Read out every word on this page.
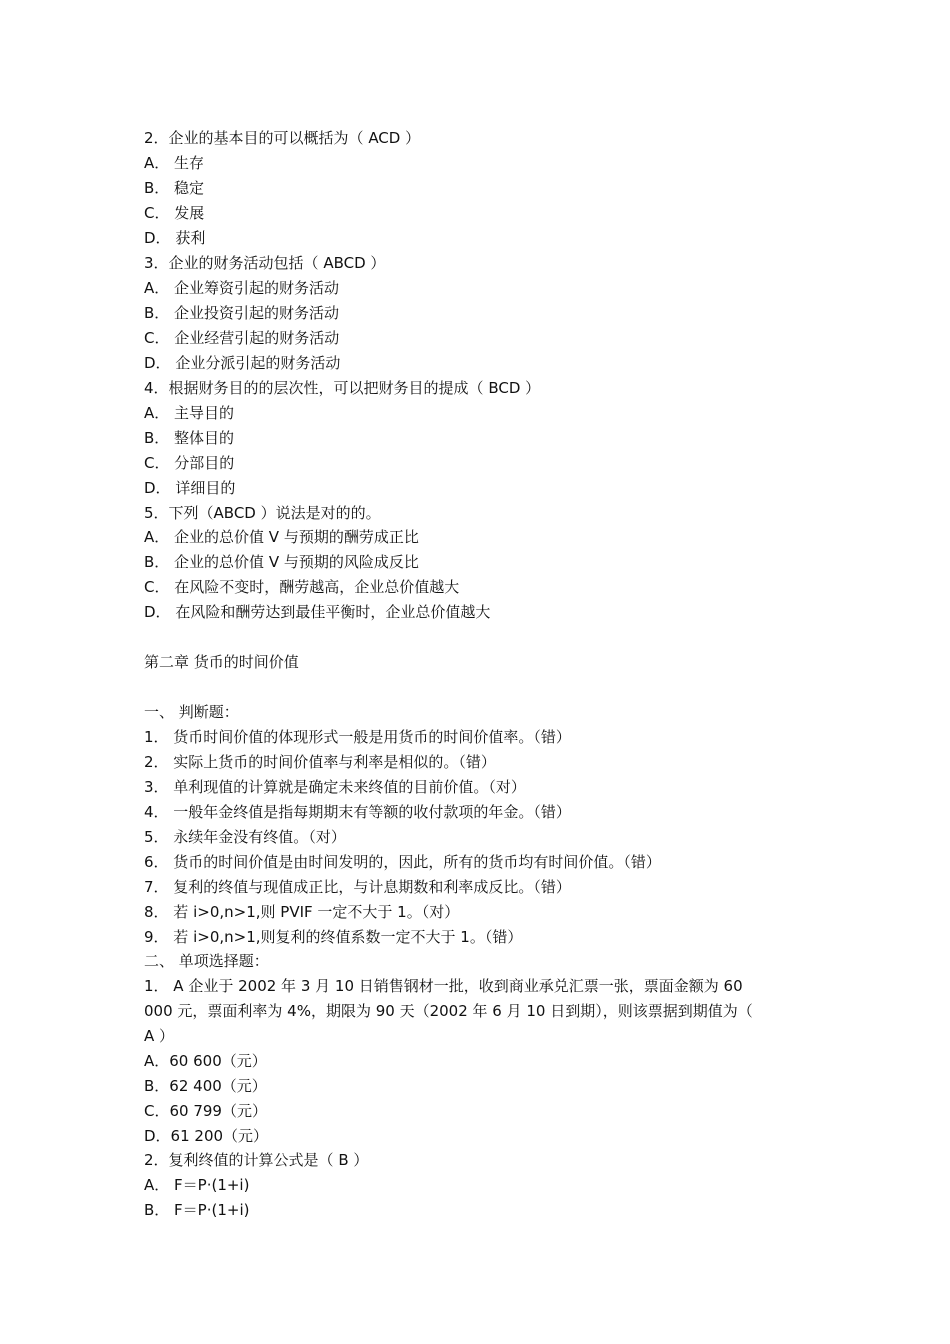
2．企业的基本目的可以概括为（ ACD ）
A． 生存
B． 稳定
C． 发展
D． 获利
3．企业的财务活动包括（ ABCD ）
A． 企业筹资引起的财务活动
B． 企业投资引起的财务活动
C． 企业经营引起的财务活动
D． 企业分派引起的财务活动
4．根据财务目的的层次性，可以把财务目的提成（ BCD ）
A． 主导目的
B． 整体目的
C． 分部目的
D． 详细目的
5．下列（ABCD ）说法是对的的。
A． 企业的总价值 V 与预期的酬劳成正比
B． 企业的总价值 V 与预期的风险成反比
C． 在风险不变时，酬劳越高，企业总价值越大
D． 在风险和酬劳达到最佳平衡时，企业总价值越大
第二章 货币的时间价值
一、 判断题：
1． 货币时间价值的体现形式一般是用货币的时间价值率。（错）
2． 实际上货币的时间价值率与利率是相似的。（错）
3． 单利现值的计算就是确定未来终值的目前价值。（对）
4． 一般年金终值是指每期期末有等额的收付款项的年金。（错）
5． 永续年金没有终值。（对）
6． 货币的时间价值是由时间发明的，因此，所有的货币均有时间价值。（错）
7． 复利的终值与现值成正比，与计息期数和利率成反比。（错）
8． 若 i>0,n>1,则 PVIF 一定不大于 1。（对）
9． 若 i>0,n>1,则复利的终值系数一定不大于 1。（错）
二、 单项选择题：
1． A 企业于 2002 年 3 月 10 日销售钢材一批，收到商业承兑汇票一张，票面金额为 60
000 元，票面利率为 4%，期限为 90 天（2002 年 6 月 10 日到期），则该票据到期值为（
A ）
A．60 600（元）
B．62 400（元）
C．60 799（元）
D．61 200（元）
2．复利终值的计算公式是（ B ）
A． F＝P·(1+i)
B． F＝P·(1+i)
